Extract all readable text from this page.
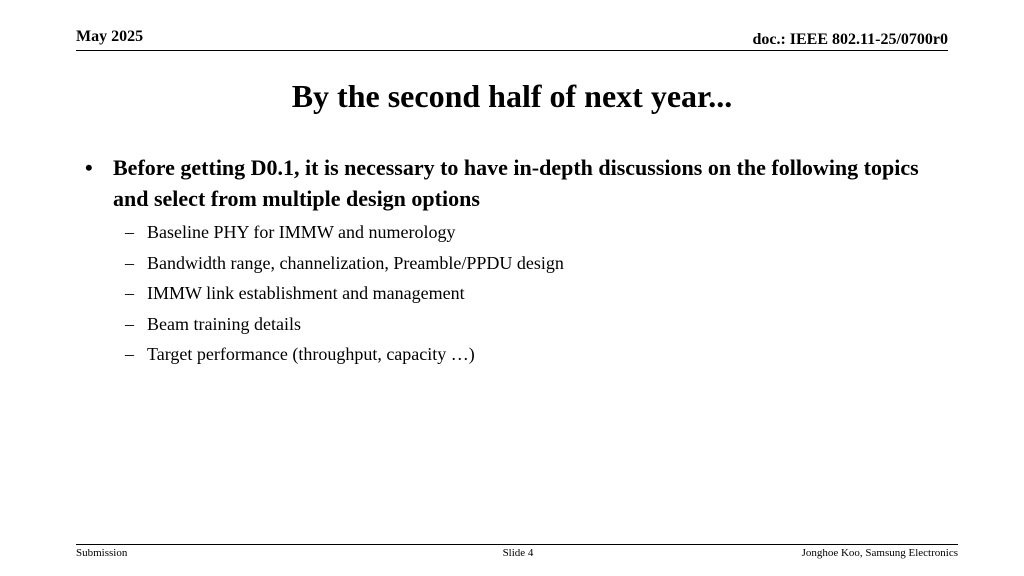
May 2025	doc.: IEEE 802.11-25/0700r0
By the second half of next year...
• Before getting D0.1, it is necessary to have in-depth discussions on the following topics and select from multiple design options
– Baseline PHY for IMMW and numerology
– Bandwidth range, channelization, Preamble/PPDU design
– IMMW link establishment and management
– Beam training details
– Target performance (throughput, capacity …)
Submission	Slide 4	Jonghoe Koo, Samsung Electronics
